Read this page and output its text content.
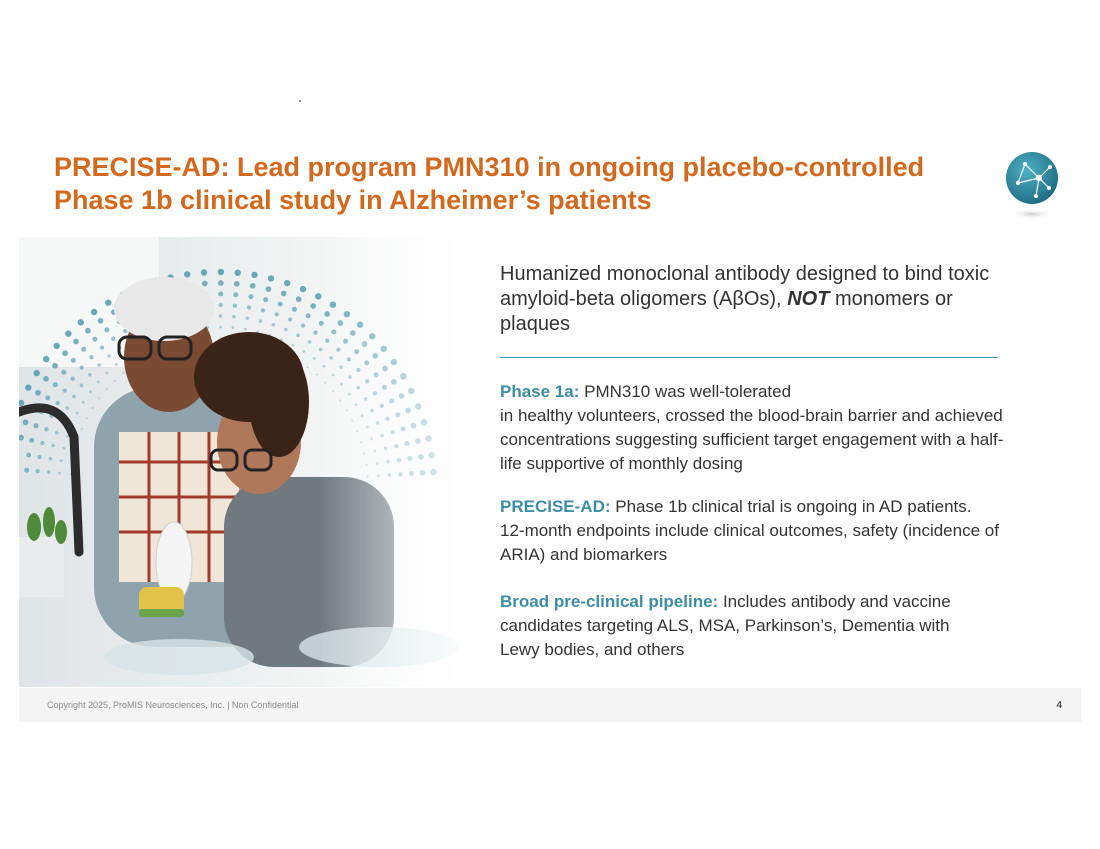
PRECISE-AD: Lead program PMN310 in ongoing placebo-controlled
Phase 1b clinical study in Alzheimer’s patients

Humanized monoclonal antibody designed to bind toxic amyloid-beta oligomers (AβOs), NOT monomers or plaques

Phase 1a: PMN310 was well-tolerated
in healthy volunteers, crossed the blood-brain barrier and achieved concentrations suggesting sufficient target engagement with a half-life supportive of monthly dosing

PRECISE-AD: Phase 1b clinical trial is ongoing in AD patients. 12-month endpoints include clinical outcomes, safety (incidence of ARIA) and biomarkers

Broad pre-clinical pipeline: Includes antibody and vaccine candidates targeting ALS, MSA, Parkinson’s, Dementia with Lewy bodies, and others

Copyright 2025, ProMIS Neurosciences, Inc. | Non Confidential	4
